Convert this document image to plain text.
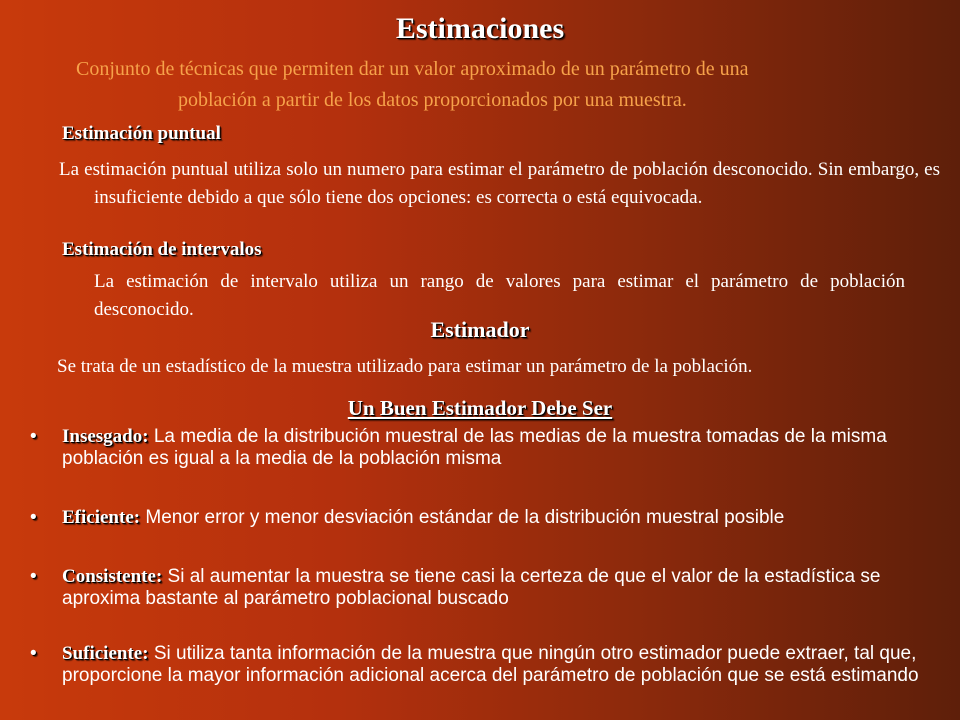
Estimaciones

Conjunto de técnicas que permiten dar un valor aproximado de un parámetro de una
población a partir de los datos proporcionados por una muestra.

Estimación puntual

La estimación puntual utiliza solo un numero para estimar el parámetro de población desconocido. Sin embargo, es insuficiente debido a que sólo tiene dos opciones: es correcta o está equivocada.

Estimación de intervalos

La estimación de intervalo utiliza un rango de valores para estimar el parámetro de población desconocido.

Estimador

Se trata de un estadístico de la muestra utilizado para estimar un parámetro de la población.

Un Buen Estimador Debe Ser
• Insesgado: La media de la distribución muestral de las medias de la muestra tomadas de la misma población es igual a la media de la población misma
• Eficiente: Menor error y menor desviación estándar de la distribución muestral posible
• Consistente: Si al aumentar la muestra se tiene casi la certeza de que el valor de la estadística se aproxima bastante al parámetro poblacional buscado
• Suficiente: Si utiliza tanta información de la muestra que ningún otro estimador puede extraer, tal que, proporcione la mayor información adicional acerca del parámetro de población que se está estimando
